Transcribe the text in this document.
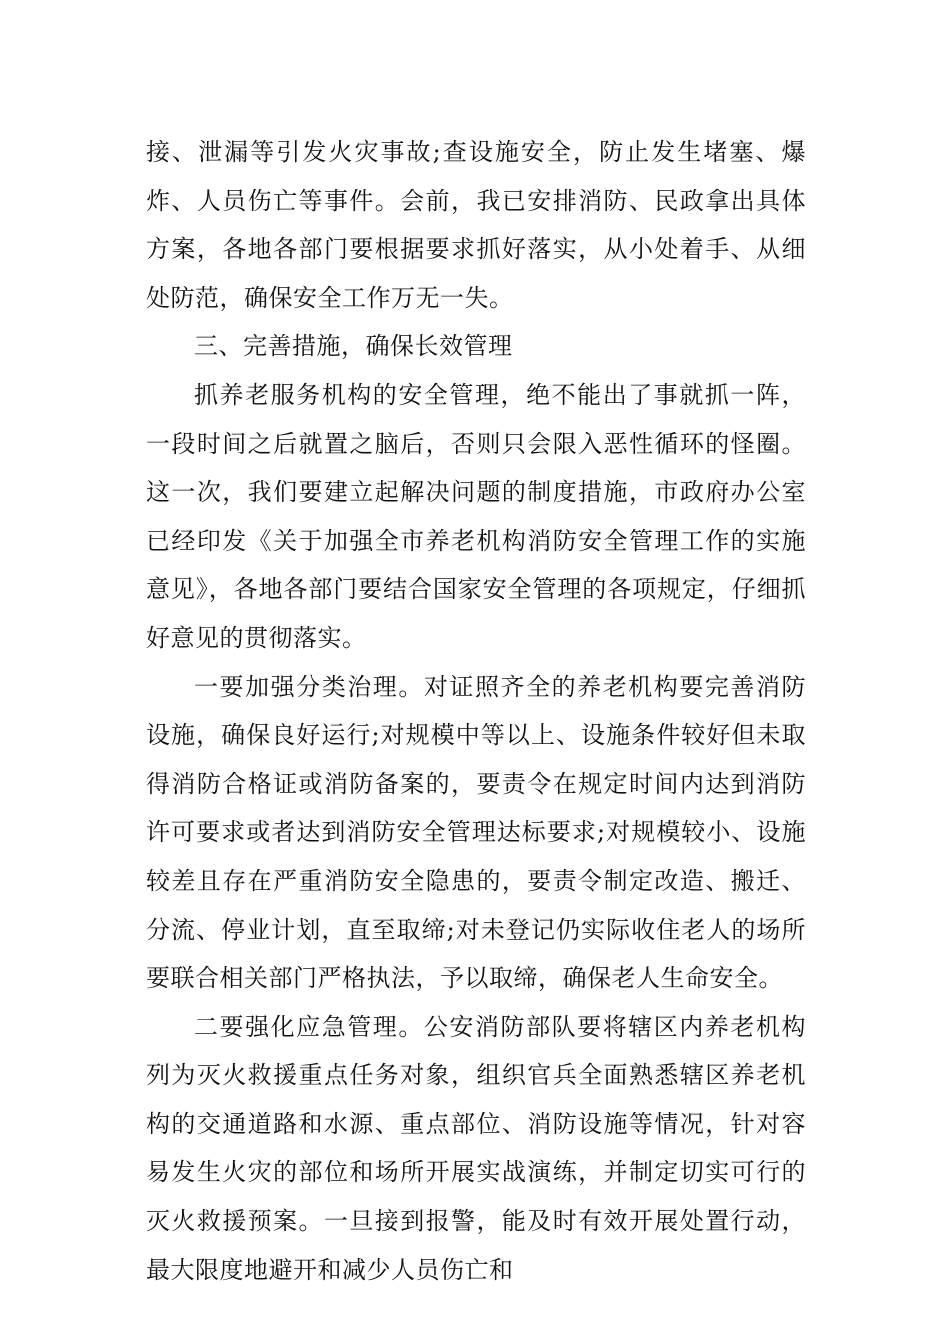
接、泄漏等引发火灾事故;查设施安全，防止发生堵塞、爆炸、人员伤亡等事件。会前，我已安排消防、民政拿出具体方案，各地各部门要根据要求抓好落实，从小处着手、从细处防范，确保安全工作万无一失。

三、完善措施，确保长效管理

抓养老服务机构的安全管理，绝不能出了事就抓一阵，一段时间之后就置之脑后，否则只会限入恶性循环的怪圈。这一次，我们要建立起解决问题的制度措施，市政府办公室已经印发《关于加强全市养老机构消防安全管理工作的实施意见》，各地各部门要结合国家安全管理的各项规定，仔细抓好意见的贯彻落实。

一要加强分类治理。对证照齐全的养老机构要完善消防设施，确保良好运行;对规模中等以上、设施条件较好但未取得消防合格证或消防备案的，要责令在规定时间内达到消防许可要求或者达到消防安全管理达标要求;对规模较小、设施较差且存在严重消防安全隐患的，要责令制定改造、搬迁、分流、停业计划，直至取缔;对未登记仍实际收住老人的场所要联合相关部门严格执法，予以取缔，确保老人生命安全。

二要强化应急管理。公安消防部队要将辖区内养老机构列为灭火救援重点任务对象，组织官兵全面熟悉辖区养老机构的交通道路和水源、重点部位、消防设施等情况，针对容易发生火灾的部位和场所开展实战演练，并制定切实可行的灭火救援预案。一旦接到报警，能及时有效开展处置行动，最大限度地避开和减少人员伤亡和
